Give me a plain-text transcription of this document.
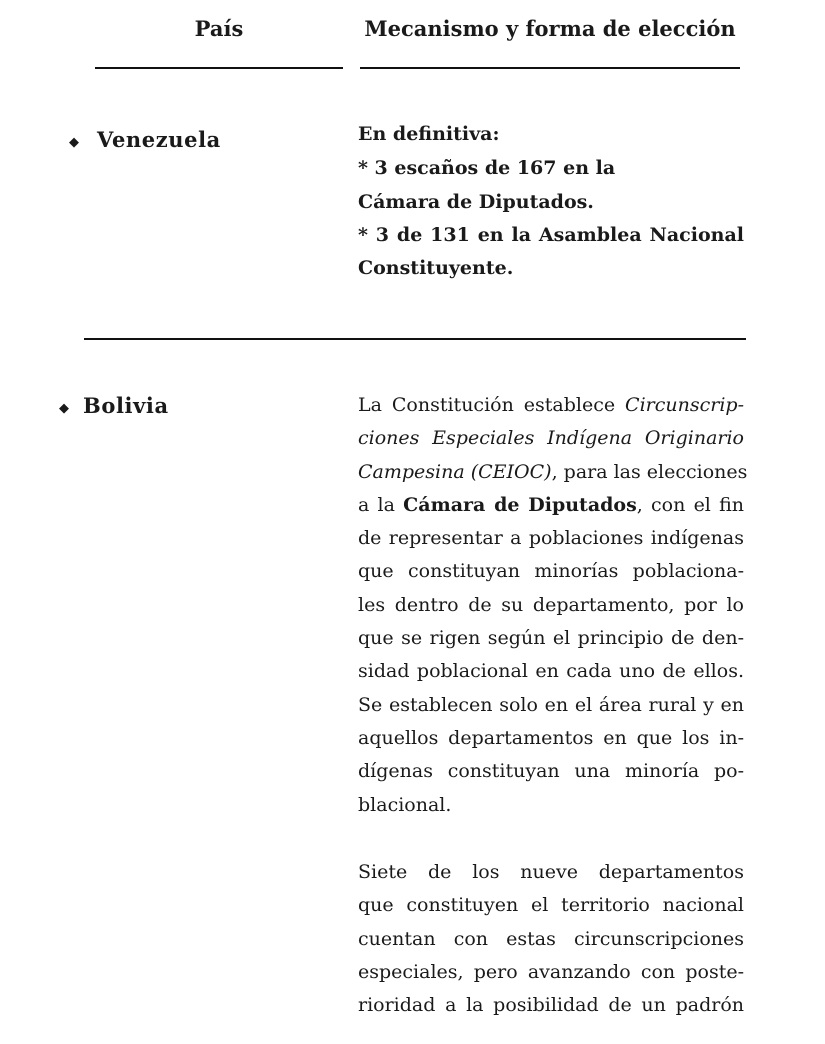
País	Mecanismo y forma de elección
◆ Venezuela	En definitiva:
* 3 escaños de 167 en la
Cámara de Diputados.
* 3 de 131 en la Asamblea Nacional
Constituyente.
◆ Bolivia	La Constitución establece Circunscrip-
ciones Especiales Indígena Originario
Campesina (CEIOC), para las elecciones
a la Cámara de Diputados, con el fin
de representar a poblaciones indígenas
que constituyan minorías poblaciona-
les dentro de su departamento, por lo
que se rigen según el principio de den-
sidad poblacional en cada uno de ellos.
Se establecen solo en el área rural y en
aquellos departamentos en que los in-
dígenas constituyan una minoría po-
blacional.
Siete de los nueve departamentos
que constituyen el territorio nacional
cuentan con estas circunscripciones
especiales, pero avanzando con poste-
rioridad a la posibilidad de un padrón
